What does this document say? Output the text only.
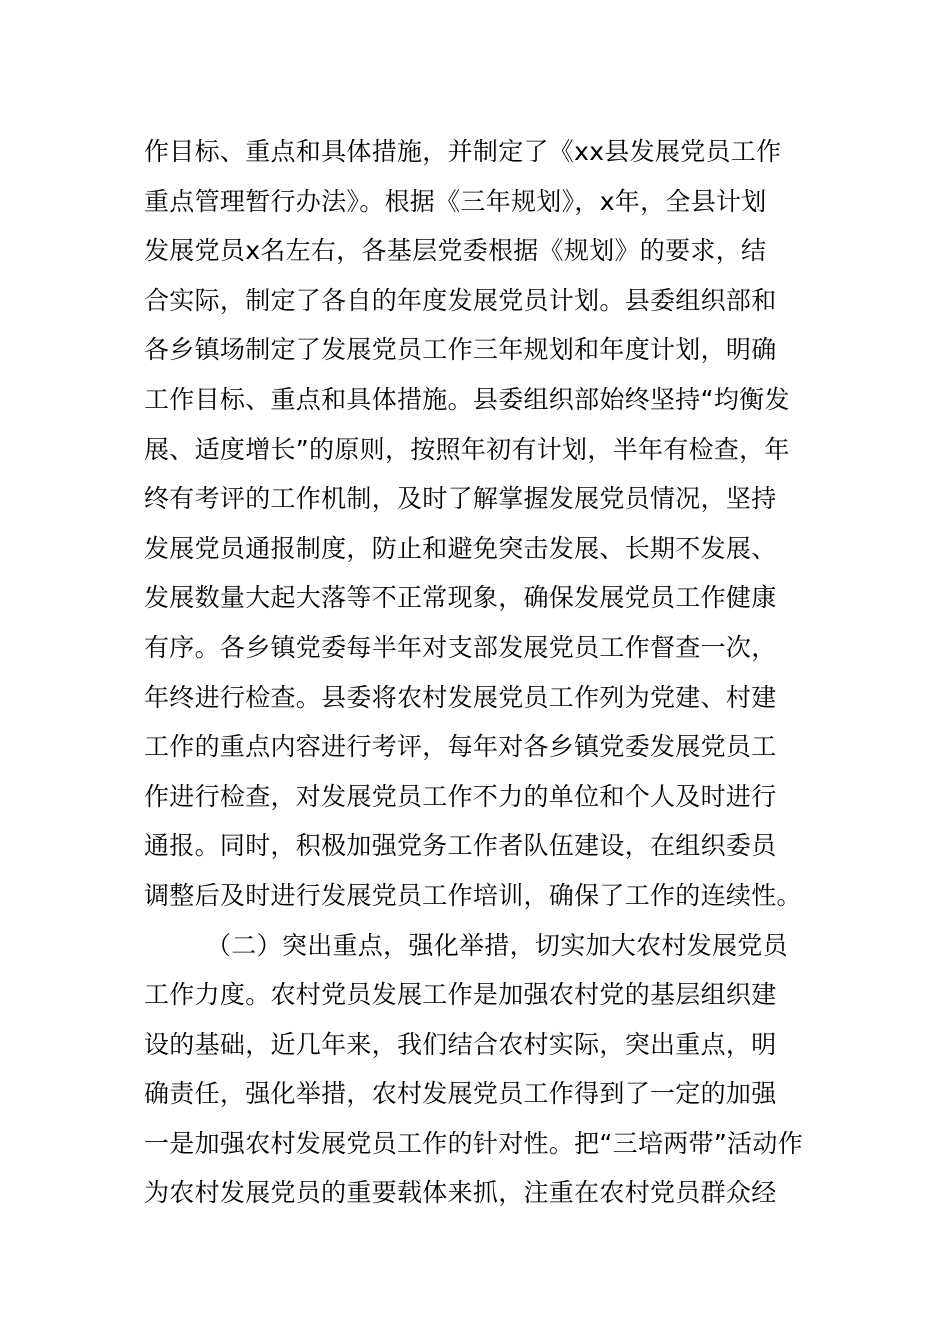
作目标、重点和具体措施，并制定了《xx县发展党员工作
重点管理暂行办法》。根据《三年规划》，x年，全县计划
发展党员x名左右，各基层党委根据《规划》的要求，结
合实际，制定了各自的年度发展党员计划。县委组织部和
各乡镇场制定了发展党员工作三年规划和年度计划，明确
工作目标、重点和具体措施。县委组织部始终坚持“均衡发
展、适度增长”的原则，按照年初有计划，半年有检查，年
终有考评的工作机制，及时了解掌握发展党员情况，坚持
发展党员通报制度，防止和避免突击发展、长期不发展、
发展数量大起大落等不正常现象，确保发展党员工作健康
有序。各乡镇党委每半年对支部发展党员工作督查一次，
年终进行检查。县委将农村发展党员工作列为党建、村建
工作的重点内容进行考评，每年对各乡镇党委发展党员工
作进行检查，对发展党员工作不力的单位和个人及时进行
通报。同时，积极加强党务工作者队伍建设，在组织委员
调整后及时进行发展党员工作培训，确保了工作的连续性。
（二）突出重点，强化举措，切实加大农村发展党员
工作力度。农村党员发展工作是加强农村党的基层组织建
设的基础，近几年来，我们结合农村实际，突出重点，明
确责任，强化举措，农村发展党员工作得到了一定的加强
一是加强农村发展党员工作的针对性。把“三培两带”活动作
为农村发展党员的重要载体来抓，注重在农村党员群众经
